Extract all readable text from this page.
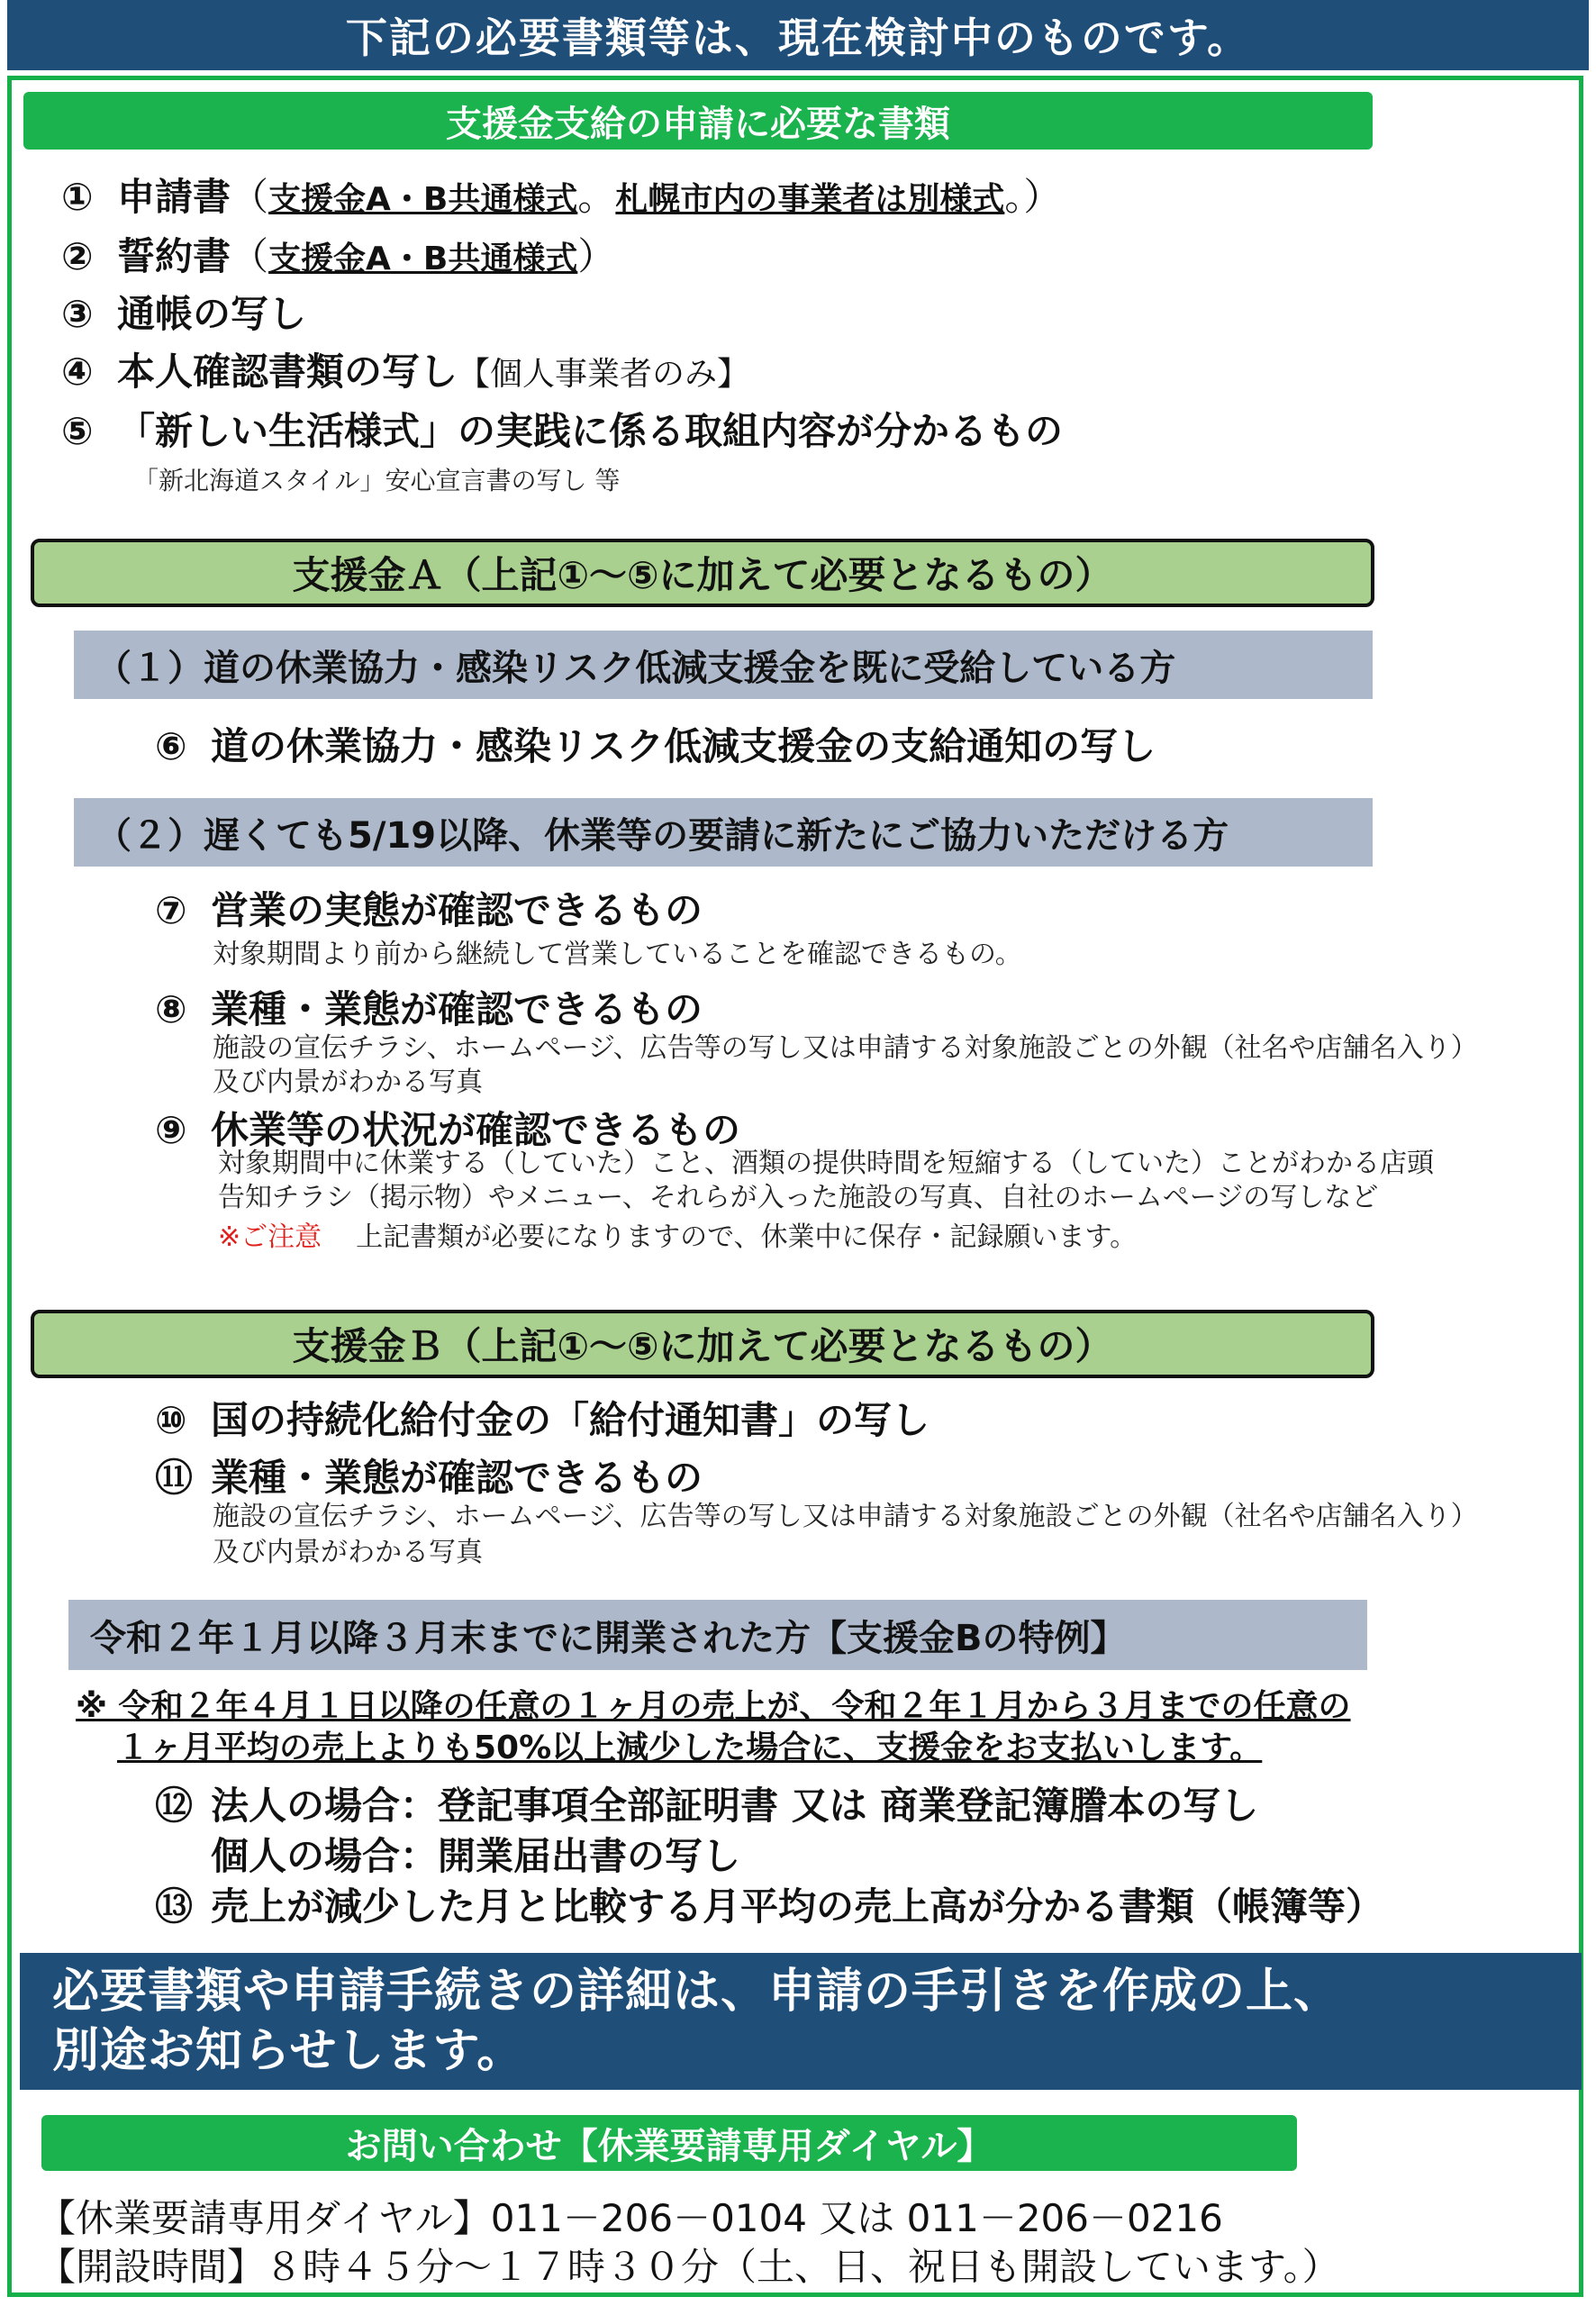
下記の必要書類等は、現在検討中のものです。
支援金支給の申請に必要な書類
① 申請書（支援金A・B共通様式。札幌市内の事業者は別様式。）
② 誓約書（支援金A・B共通様式）
③ 通帳の写し
④ 本人確認書類の写し【個人事業者のみ】
⑤ 「新しい生活様式」の実践に係る取組内容が分かるもの
「新北海道スタイル」安心宣言書の写し 等
支援金Ａ（上記①～⑤に加えて必要となるもの）
（１）道の休業協力・感染リスク低減支援金を既に受給している方
⑥ 道の休業協力・感染リスク低減支援金の支給通知の写し
（２）遅くても5/19以降、休業等の要請に新たにご協力いただける方
⑦ 営業の実態が確認できるもの
対象期間より前から継続して営業していることを確認できるもの。
⑧ 業種・業態が確認できるもの
施設の宣伝チラシ、ホームページ、広告等の写し又は申請する対象施設ごとの外観（社名や店舗名入り）
及び内景がわかる写真
⑨ 休業等の状況が確認できるもの
対象期間中に休業する（していた）こと、酒類の提供時間を短縮する（していた）ことがわかる店頭
告知チラシ（掲示物）やメニュー、それらが入った施設の写真、自社のホームページの写しなど
※ご注意 上記書類が必要になりますので、休業中に保存・記録願います。
支援金Ｂ（上記①～⑤に加えて必要となるもの）
⑩ 国の持続化給付金の「給付通知書」の写し
⑪ 業種・業態が確認できるもの
施設の宣伝チラシ、ホームページ、広告等の写し又は申請する対象施設ごとの外観（社名や店舗名入り）
及び内景がわかる写真
令和２年１月以降３月末までに開業された方【支援金Bの特例】
※ 令和２年４月１日以降の任意の１ヶ月の売上が、令和２年１月から３月までの任意の
１ヶ月平均の売上よりも50%以上減少した場合に、支援金をお支払いします。
⑫ 法人の場合：登記事項全部証明書 又は 商業登記簿謄本の写し
個人の場合：開業届出書の写し
⑬ 売上が減少した月と比較する月平均の売上高が分かる書類（帳簿等）
必要書類や申請手続きの詳細は、申請の手引きを作成の上、
別途お知らせします。
お問い合わせ【休業要請専用ダイヤル】
【休業要請専用ダイヤル】011－206－0104 又は 011－206－0216
【開設時間】８時４５分～１７時３０分（土、日、祝日も開設しています。）
